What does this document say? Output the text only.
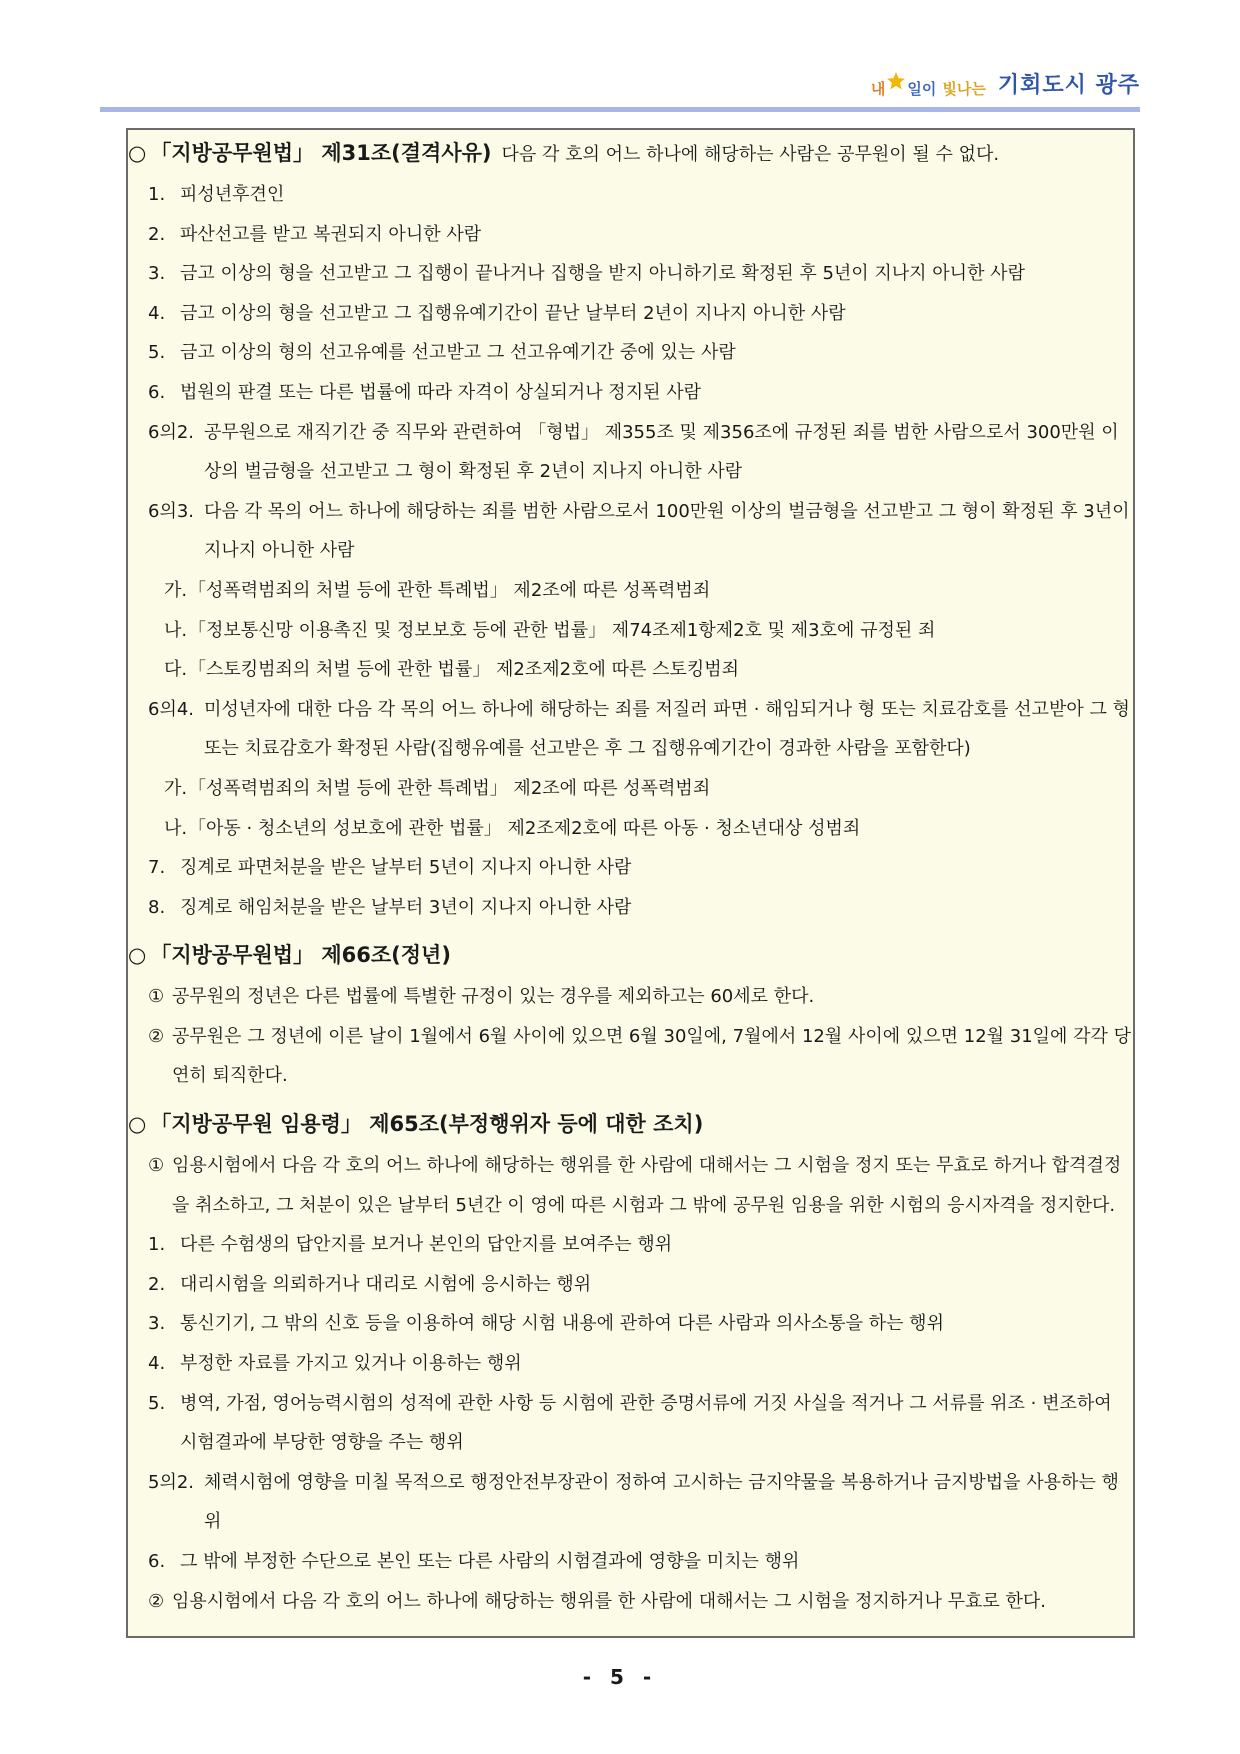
내 일이 빛나는 기회도시 광주
○ 「지방공무원법」 제31조(결격사유) 다음 각 호의 어느 하나에 해당하는 사람은 공무원이 될 수 없다.
1. 피성년후견인
2. 파산선고를 받고 복권되지 아니한 사람
3. 금고 이상의 형을 선고받고 그 집행이 끝나거나 집행을 받지 아니하기로 확정된 후 5년이 지나지 아니한 사람
4. 금고 이상의 형을 선고받고 그 집행유예기간이 끝난 날부터 2년이 지나지 아니한 사람
5. 금고 이상의 형의 선고유예를 선고받고 그 선고유예기간 중에 있는 사람
6. 법원의 판결 또는 다른 법률에 따라 자격이 상실되거나 정지된 사람
6의2. 공무원으로 재직기간 중 직무와 관련하여 「형법」 제355조 및 제356조에 규정된 죄를 범한 사람으로서 300만원 이상의 벌금형을 선고받고 그 형이 확정된 후 2년이 지나지 아니한 사람
6의3. 다음 각 목의 어느 하나에 해당하는 죄를 범한 사람으로서 100만원 이상의 벌금형을 선고받고 그 형이 확정된 후 3년이 지나지 아니한 사람
가. 「성폭력범죄의 처벌 등에 관한 특례법」 제2조에 따른 성폭력범죄
나. 「정보통신망 이용촉진 및 정보보호 등에 관한 법률」 제74조제1항제2호 및 제3호에 규정된 죄
다. 「스토킹범죄의 처벌 등에 관한 법률」 제2조제2호에 따른 스토킹범죄
6의4. 미성년자에 대한 다음 각 목의 어느 하나에 해당하는 죄를 저질러 파면 · 해임되거나 형 또는 치료감호를 선고받아 그 형 또는 치료감호가 확정된 사람(집행유예를 선고받은 후 그 집행유예기간이 경과한 사람을 포함한다)
가. 「성폭력범죄의 처벌 등에 관한 특례법」 제2조에 따른 성폭력범죄
나. 「아동 · 청소년의 성보호에 관한 법률」 제2조제2호에 따른 아동 · 청소년대상 성범죄
7. 징계로 파면처분을 받은 날부터 5년이 지나지 아니한 사람
8. 징계로 해임처분을 받은 날부터 3년이 지나지 아니한 사람
○ 「지방공무원법」 제66조(정년)
① 공무원의 정년은 다른 법률에 특별한 규정이 있는 경우를 제외하고는 60세로 한다.
② 공무원은 그 정년에 이른 날이 1월에서 6월 사이에 있으면 6월 30일에, 7월에서 12월 사이에 있으면 12월 31일에 각각 당연히 퇴직한다.
○ 「지방공무원 임용령」 제65조(부정행위자 등에 대한 조치)
① 임용시험에서 다음 각 호의 어느 하나에 해당하는 행위를 한 사람에 대해서는 그 시험을 정지 또는 무효로 하거나 합격결정을 취소하고, 그 처분이 있은 날부터 5년간 이 영에 따른 시험과 그 밖에 공무원 임용을 위한 시험의 응시자격을 정지한다.
1. 다른 수험생의 답안지를 보거나 본인의 답안지를 보여주는 행위
2. 대리시험을 의뢰하거나 대리로 시험에 응시하는 행위
3. 통신기기, 그 밖의 신호 등을 이용하여 해당 시험 내용에 관하여 다른 사람과 의사소통을 하는 행위
4. 부정한 자료를 가지고 있거나 이용하는 행위
5. 병역, 가점, 영어능력시험의 성적에 관한 사항 등 시험에 관한 증명서류에 거짓 사실을 적거나 그 서류를 위조 · 변조하여 시험결과에 부당한 영향을 주는 행위
5의2. 체력시험에 영향을 미칠 목적으로 행정안전부장관이 정하여 고시하는 금지약물을 복용하거나 금지방법을 사용하는 행위
6. 그 밖에 부정한 수단으로 본인 또는 다른 사람의 시험결과에 영향을 미치는 행위
② 임용시험에서 다음 각 호의 어느 하나에 해당하는 행위를 한 사람에 대해서는 그 시험을 정지하거나 무효로 한다.
- 5 -
